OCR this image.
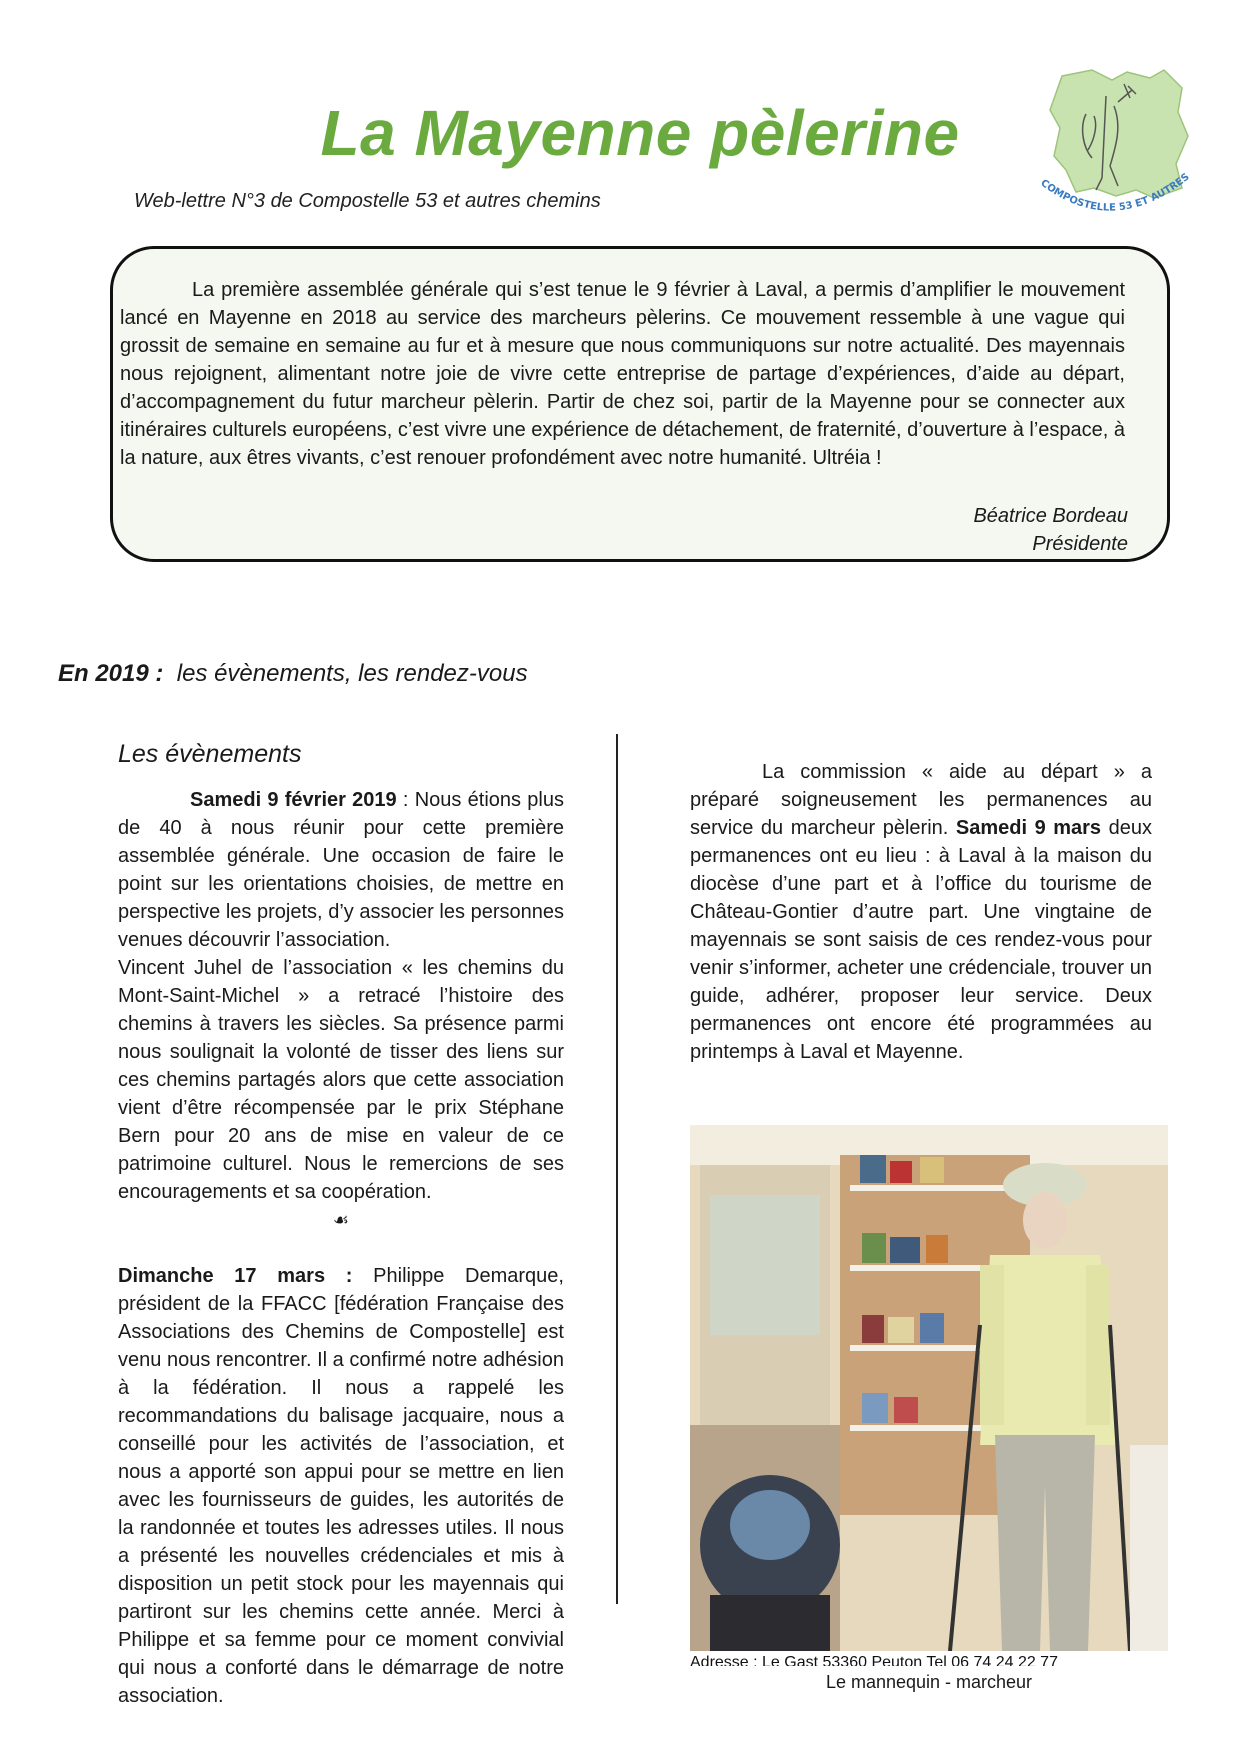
La Mayenne pèlerine
Web-lettre N°3 de Compostelle 53 et autres chemins
COMPOSTELLE 53 ET AUTRES
La première assemblée générale qui s’est tenue le 9 février à Laval, a permis d’amplifier le mouvement lancé en Mayenne en 2018 au service des marcheurs pèlerins. Ce mouvement ressemble à une vague qui grossit de semaine en semaine au fur et à mesure que nous communiquons sur notre actualité. Des mayennais nous rejoignent, alimentant notre joie de vivre cette entreprise de partage d’expériences, d’aide au départ, d’accompagnement du futur marcheur pèlerin. Partir de chez soi, partir de la Mayenne pour se connecter aux itinéraires culturels européens, c’est vivre une expérience de détachement, de fraternité, d’ouverture à l’espace, à la nature, aux êtres vivants, c’est renouer profondément avec notre humanité. Ultréia !
Béatrice Bordeau
Présidente
En 2019 : les évènements, les rendez-vous
Les évènements

Samedi 9 février 2019 : Nous étions plus de 40 à nous réunir pour cette première assemblée générale. Une occasion de faire le point sur les orientations choisies, de mettre en perspective les projets, d’y associer les personnes venues découvrir l’association.

Vincent Juhel de l’association « les chemins du Mont-Saint-Michel » a retracé l’histoire des chemins à travers les siècles. Sa présence parmi nous soulignait la volonté de tisser des liens sur ces chemins partagés alors que cette association vient d’être récompensée par le prix Stéphane Bern pour 20 ans de mise en valeur de ce patrimoine culturel. Nous le remercions de ses encouragements et sa coopération.

☙

Dimanche 17 mars : Philippe Demarque, président de la FFACC [fédération Française des Associations des Chemins de Compostelle] est venu nous rencontrer. Il a confirmé notre adhésion à la fédération. Il nous a rappelé les recommandations du balisage jacquaire, nous a conseillé pour les activités de l’association, et nous a apporté son appui pour se mettre en lien avec les fournisseurs de guides, les autorités de la randonnée et toutes les adresses utiles. Il nous a présenté les nouvelles crédenciales et mis à disposition un petit stock pour les mayennais qui partiront sur les chemins cette année. Merci à Philippe et sa femme pour ce moment convivial qui nous a conforté dans le démarrage de notre association.

La commission « aide au départ » a préparé soigneusement les permanences au service du marcheur pèlerin. Samedi 9 mars deux permanences ont eu lieu : à Laval à la maison du diocèse d’une part et à l’office du tourisme de Château-Gontier d’autre part. Une vingtaine de mayennais se sont saisis de ces rendez-vous pour venir s’informer, acheter une crédenciale, trouver un guide, adhérer, proposer leur service. Deux permanences ont encore été programmées au printemps à Laval et Mayenne.

Adresse : Le Gast 53360 Peuton Tel 06 74 24 22 77
Le mannequin - marcheur
